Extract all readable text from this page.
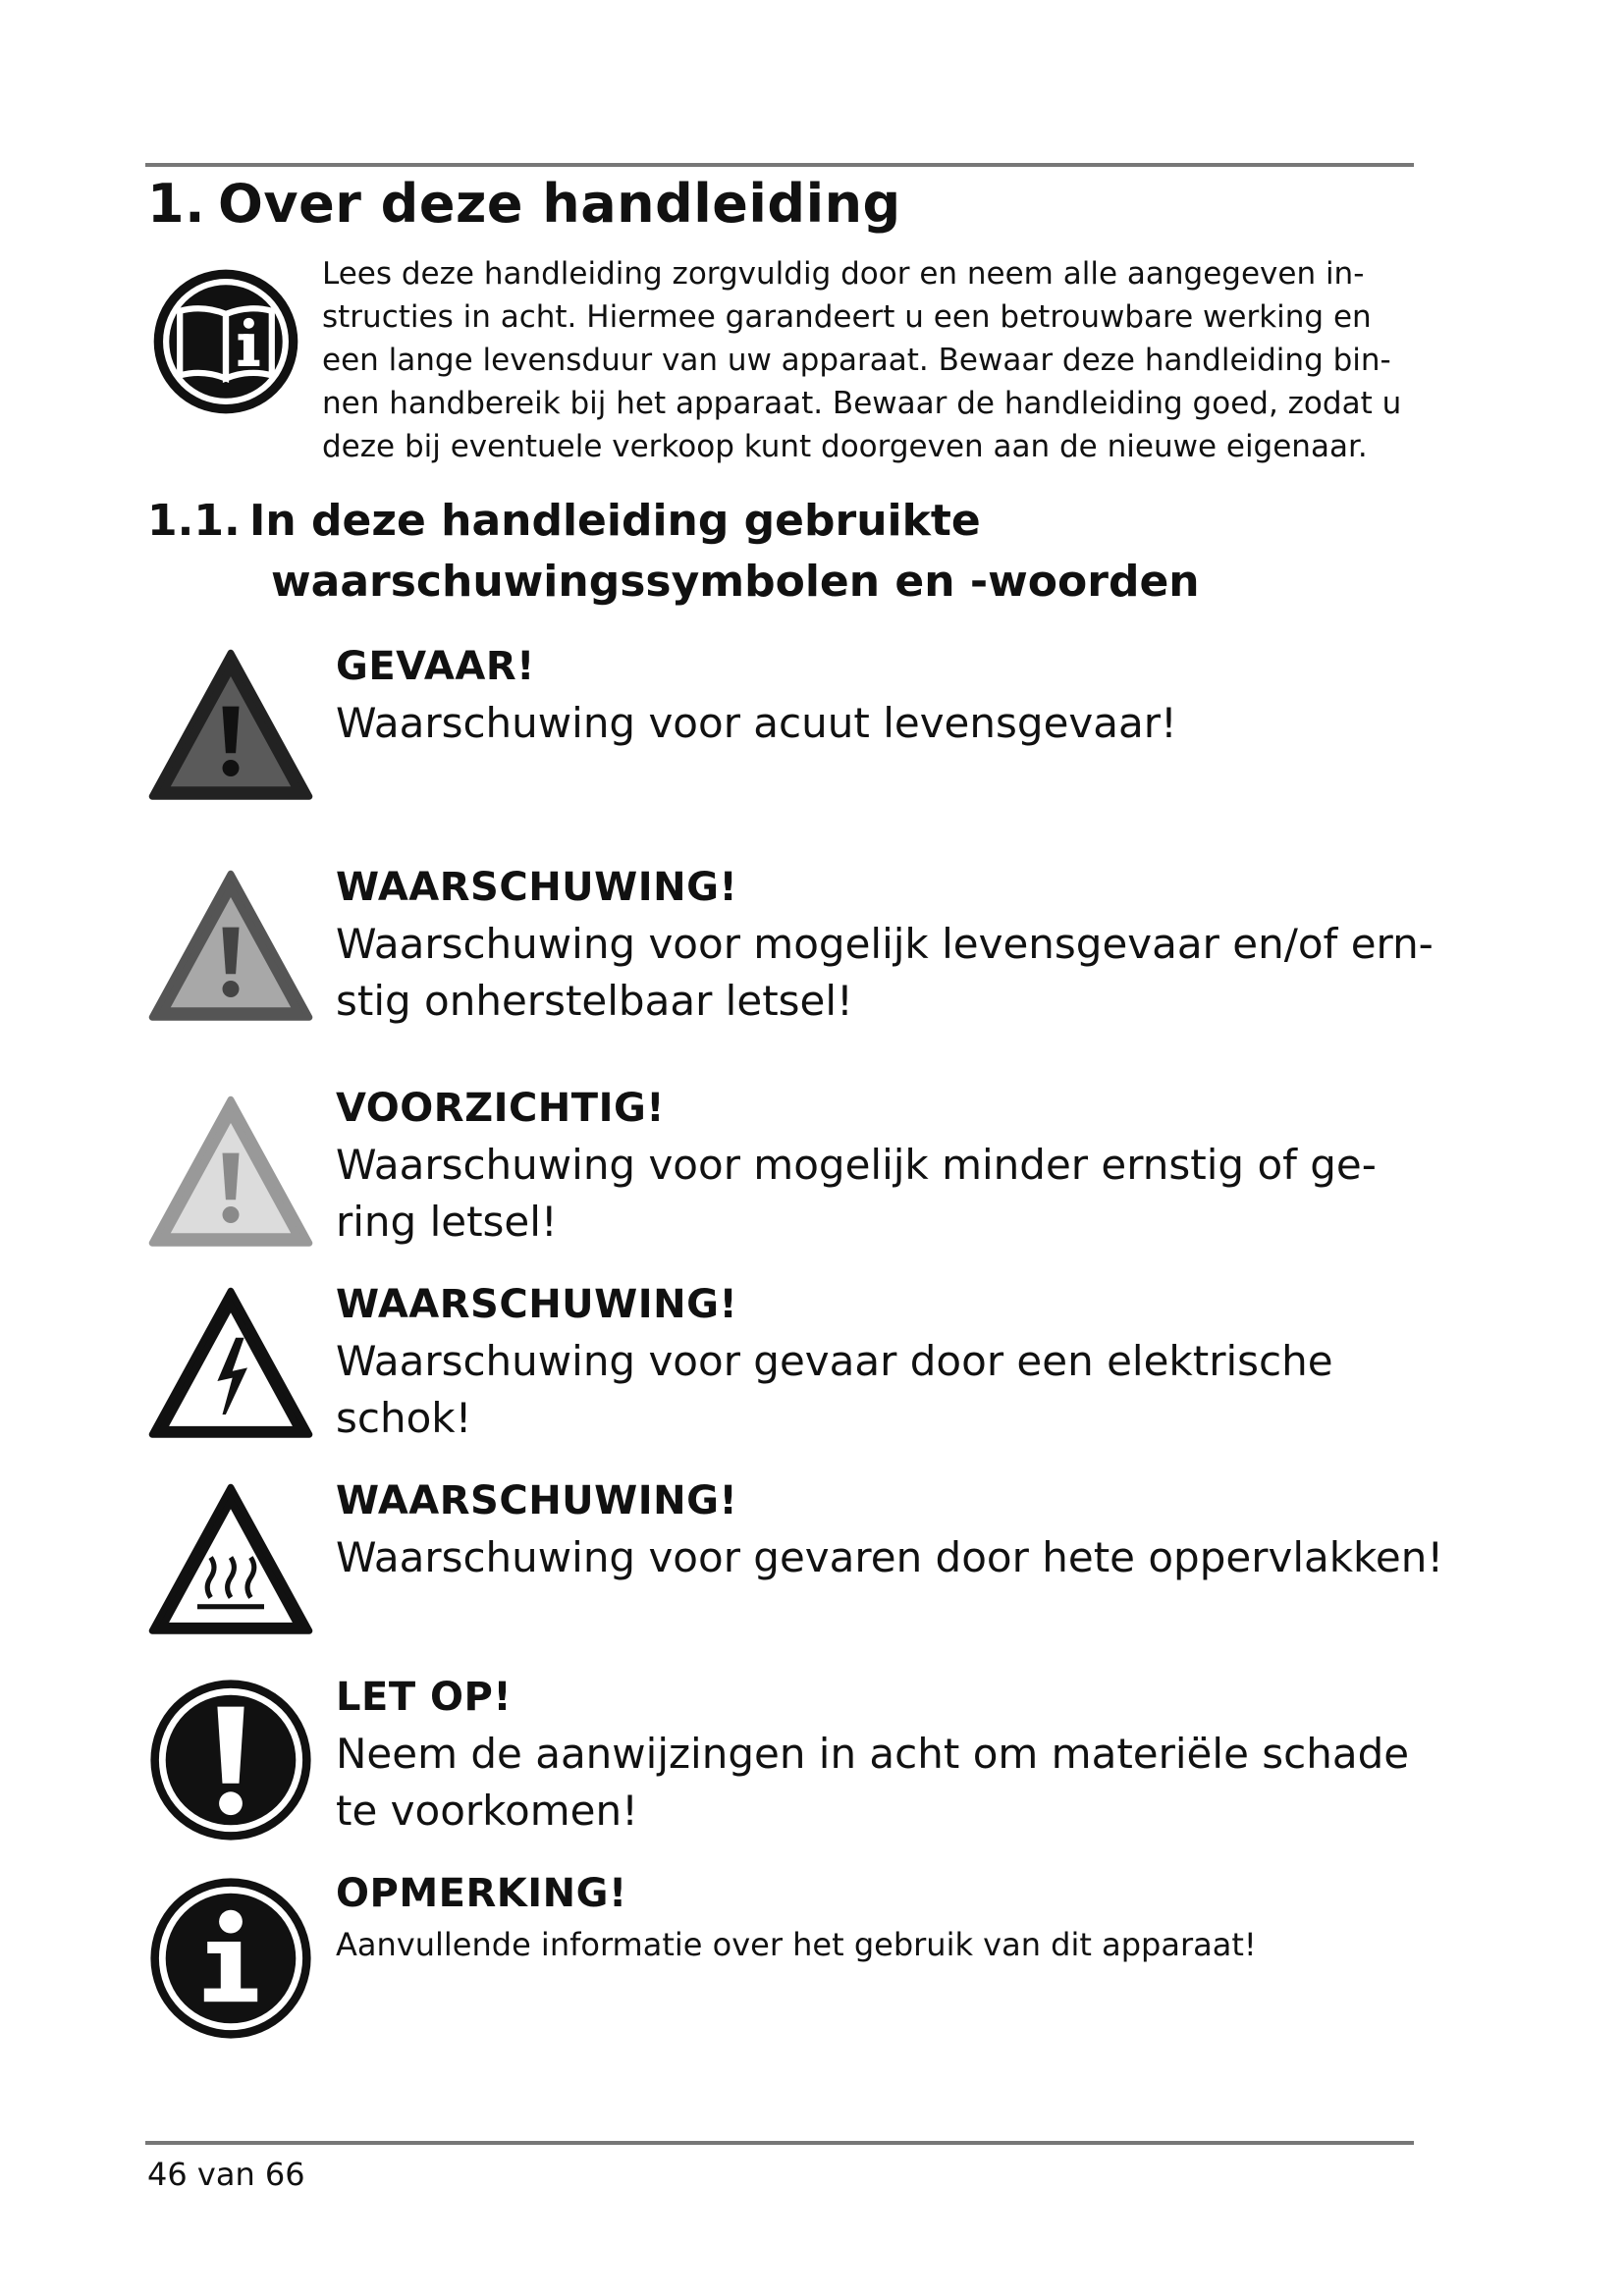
1. Over deze handleiding

Lees deze handleiding zorgvuldig door en neem alle aangegeven in-
structies in acht. Hiermee garandeert u een betrouwbare werking en
een lange levensduur van uw apparaat. Bewaar deze handleiding bin-
nen handbereik bij het apparaat. Bewaar de handleiding goed, zodat u
deze bij eventuele verkoop kunt doorgeven aan de nieuwe eigenaar.

1.1. In deze handleiding gebruikte
waarschuwingssymbolen en -woorden
GEVAAR!
Waarschuwing voor acuut levensgevaar!
WAARSCHUWING!
Waarschuwing voor mogelijk levensgevaar en/of ern-
stig onherstelbaar letsel!
VOORZICHTIG!
Waarschuwing voor mogelijk minder ernstig of ge-
ring letsel!
WAARSCHUWING!
Waarschuwing voor gevaar door een elektrische
schok!
WAARSCHUWING!
Waarschuwing voor gevaren door hete oppervlakken!
LET OP!
Neem de aanwijzingen in acht om materiële schade
te voorkomen!
OPMERKING!
Aanvullende informatie over het gebruik van dit apparaat!
46 van 66
